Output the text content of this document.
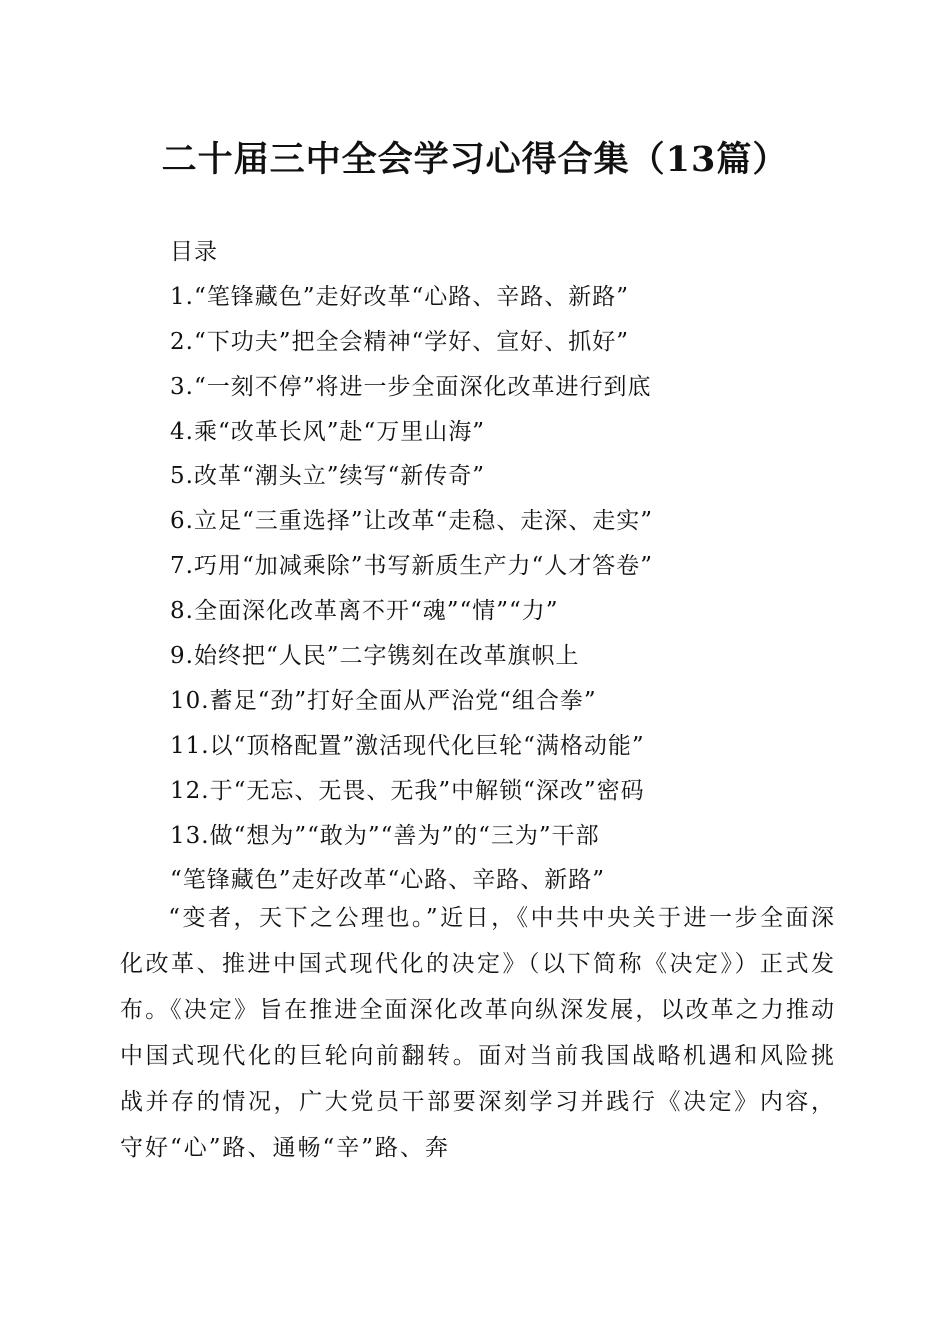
二十届三中全会学习心得合集（13篇）
目录
1.“笔锋藏色”走好改革“心路、辛路、新路”
2.“下功夫”把全会精神“学好、宣好、抓好”
3.“一刻不停”将进一步全面深化改革进行到底
4.乘“改革长风”赴“万里山海”
5.改革“潮头立”续写“新传奇”
6.立足“三重选择”让改革“走稳、走深、走实”
7.巧用“加减乘除”书写新质生产力“人才答卷”
8.全面深化改革离不开“魂”“情”“力”
9.始终把“人民”二字镌刻在改革旗帜上
10.蓄足“劲”打好全面从严治党“组合拳”
11.以“顶格配置”激活现代化巨轮“满格动能”
12.于“无忘、无畏、无我”中解锁“深改”密码
13.做“想为”“敢为”“善为”的“三为”干部
“笔锋藏色”走好改革“心路、辛路、新路”
“变者，天下之公理也。”近日，《中共中央关于进一步全面深化改革、推进中国式现代化的决定》（以下简称《决定》）正式发布。《决定》旨在推进全面深化改革向纵深发展，以改革之力推动中国式现代化的巨轮向前翻转。面对当前我国战略机遇和风险挑战并存的情况，广大党员干部要深刻学习并践行《决定》内容，守好“心”路、通畅“辛”路、奔
